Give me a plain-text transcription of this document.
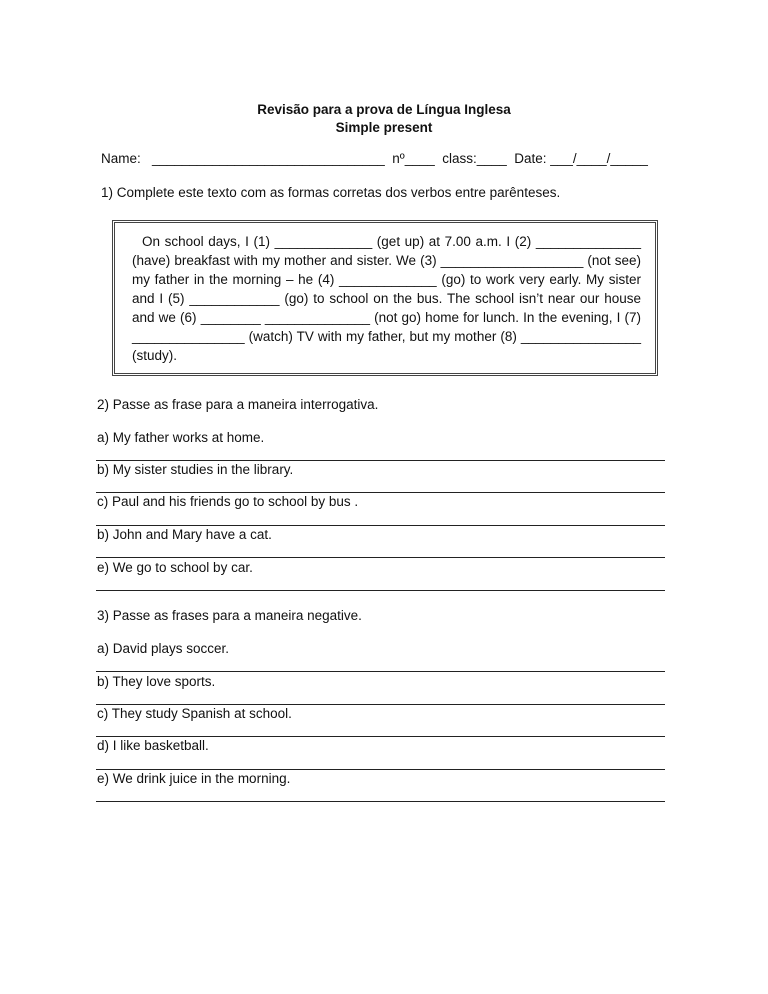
Revisão para a prova de Língua Inglesa
Simple present
Name:   _______________________________  nº____  class:____  Date: ___/____/_____
1) Complete este texto com as formas corretas dos verbos entre parênteses.
On school days, I (1) _____________ (get up) at 7.00 a.m. I (2) ______________ (have) breakfast with my mother and sister. We (3) ___________________ (not see) my father in the morning – he (4) _____________ (go) to work very early. My sister and I (5) ____________ (go) to school on the bus. The school isn’t near our house and we (6) ________ ______________ (not go) home for lunch. In the evening, I (7) _______________ (watch) TV with my father, but my mother (8) ________________ (study).
2) Passe as frase para a maneira interrogativa.
a) My father works at home.
b) My sister studies in the library.
c) Paul and his friends go to school by bus .
b) John and Mary have a cat.
e) We go to school by car.
3) Passe as frases para a maneira negative.
a) David plays soccer.
b) They love sports.
c) They study Spanish at school.
d) I like basketball.
e) We drink juice in the morning.
